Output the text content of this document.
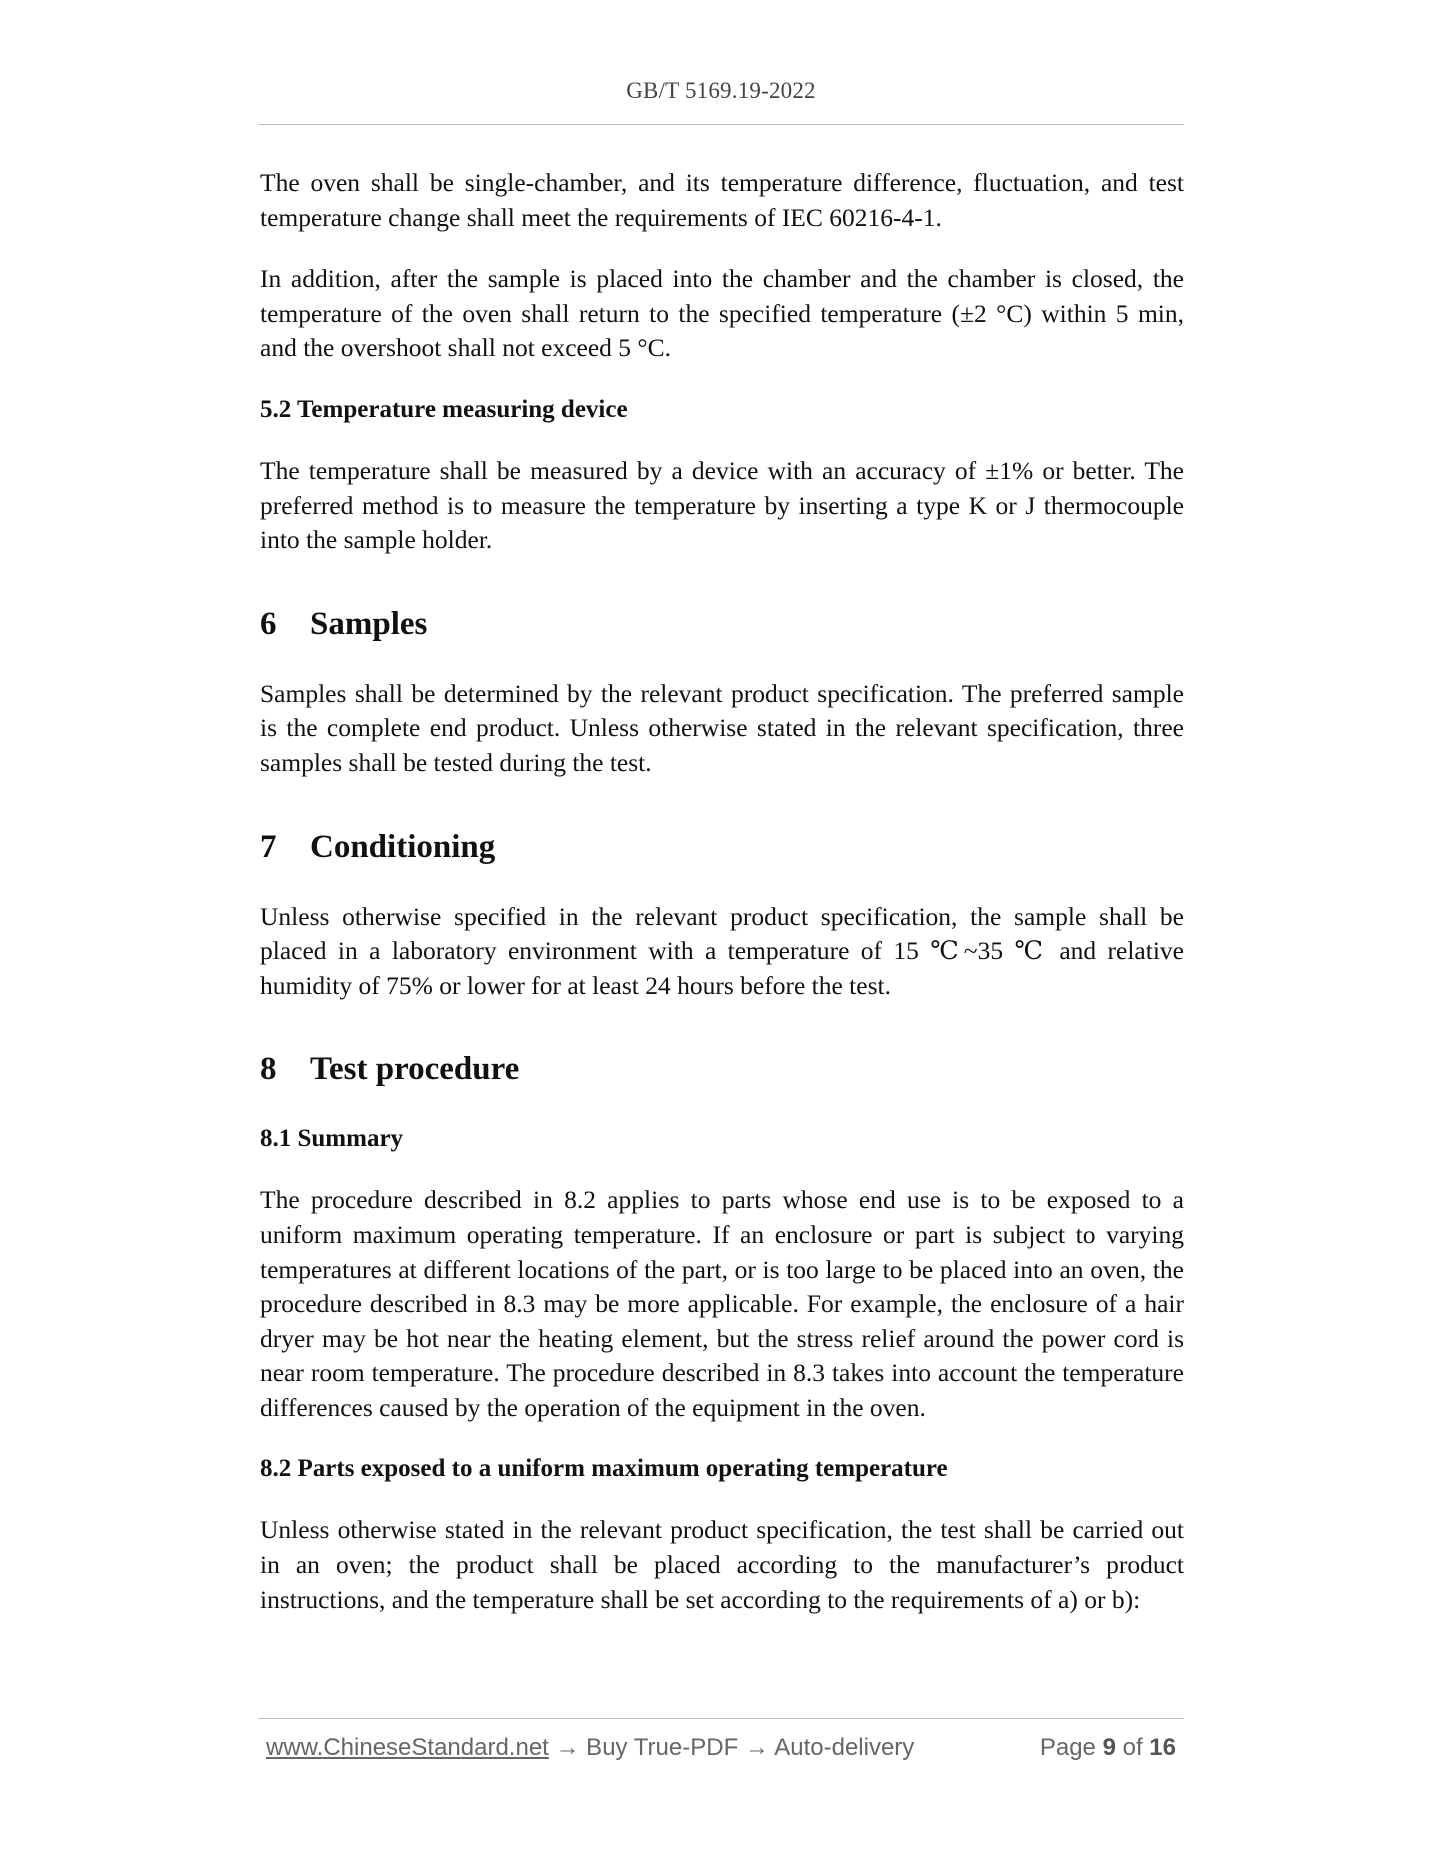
GB/T 5169.19-2022

The oven shall be single-chamber, and its temperature difference, fluctuation, and test temperature change shall meet the requirements of IEC 60216-4-1.

In addition, after the sample is placed into the chamber and the chamber is closed, the temperature of the oven shall return to the specified temperature (±2 °C) within 5 min, and the overshoot shall not exceed 5 °C.

5.2 Temperature measuring device

The temperature shall be measured by a device with an accuracy of ±1% or better. The preferred method is to measure the temperature by inserting a type K or J thermocouple into the sample holder.

6	Samples

Samples shall be determined by the relevant product specification. The preferred sample is the complete end product. Unless otherwise stated in the relevant specification, three samples shall be tested during the test.

7	Conditioning

Unless otherwise specified in the relevant product specification, the sample shall be placed in a laboratory environment with a temperature of 15 ℃~35 ℃ and relative humidity of 75% or lower for at least 24 hours before the test.

8	Test procedure
8.1 Summary

The procedure described in 8.2 applies to parts whose end use is to be exposed to a uniform maximum operating temperature. If an enclosure or part is subject to varying temperatures at different locations of the part, or is too large to be placed into an oven, the procedure described in 8.3 may be more applicable. For example, the enclosure of a hair dryer may be hot near the heating element, but the stress relief around the power cord is near room temperature. The procedure described in 8.3 takes into account the temperature differences caused by the operation of the equipment in the oven.

8.2 Parts exposed to a uniform maximum operating temperature

Unless otherwise stated in the relevant product specification, the test shall be carried out in an oven; the product shall be placed according to the manufacturer’s product instructions, and the temperature shall be set according to the requirements of a) or b):

www.ChineseStandard.net → Buy True-PDF → Auto-delivery	Page 9 of 16
